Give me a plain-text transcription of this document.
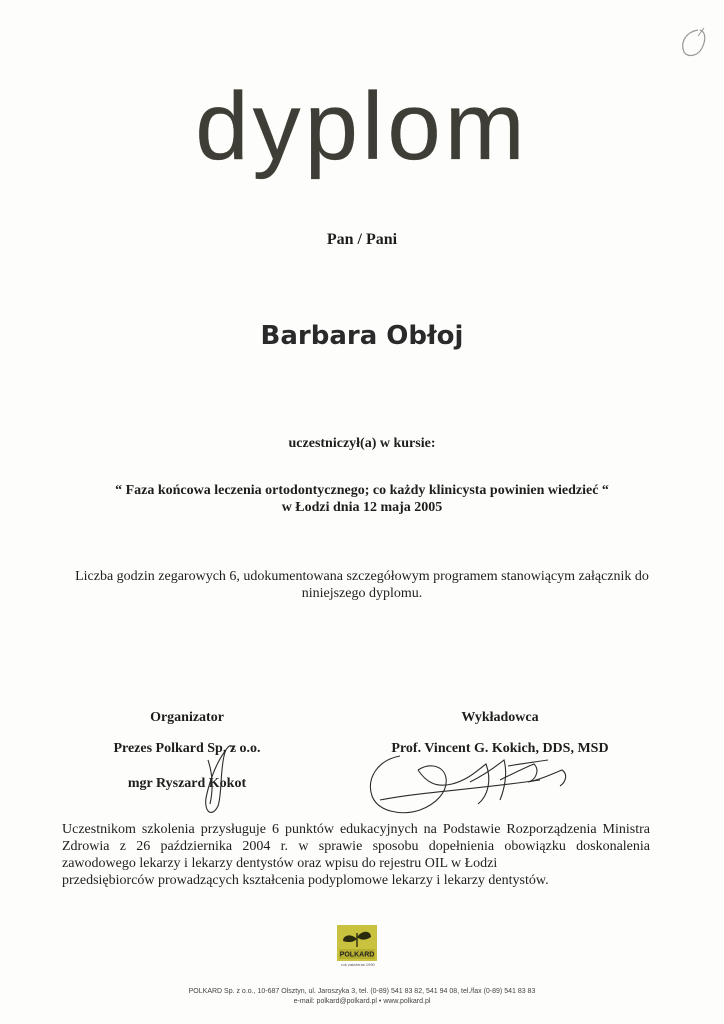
dyplom
Pan / Pani
Barbara Obłoj
uczestniczył(a) w kursie:
“ Faza końcowa leczenia ortodontycznego; co każdy klinicysta powinien wiedzieć “
w Łodzi dnia 12 maja 2005
Liczba godzin zegarowych 6, udokumentowana szczegółowym programem stanowiącym załącznik do niniejszego dyplomu.
Organizator
Prezes Polkard Sp. z o.o.
mgr Ryszard Kokot
Wykładowca
Prof. Vincent G. Kokich, DDS, MSD
Uczestnikom szkolenia przysługuje 6 punktów edukacyjnych na Podstawie Rozporządzenia Ministra Zdrowia z 26 października 2004 r. w sprawie sposobu dopełnienia obowiązku doskonalenia zawodowego lekarzy i lekarzy dentystów oraz wpisu do rejestru OIL w Łodzi
przedsiębiorców prowadzących kształcenia podyplomowe lekarzy i lekarzy dentystów.
POLKARD
rok założenia 1990
POLKARD Sp. z o.o., 10-687 Olsztyn, ul. Jaroszyka 3, tel. (0-89) 541 83 82, 541 94 08, tel./fax (0-89) 541 83 83
e-mail: polkard@polkard.pl • www.polkard.pl
